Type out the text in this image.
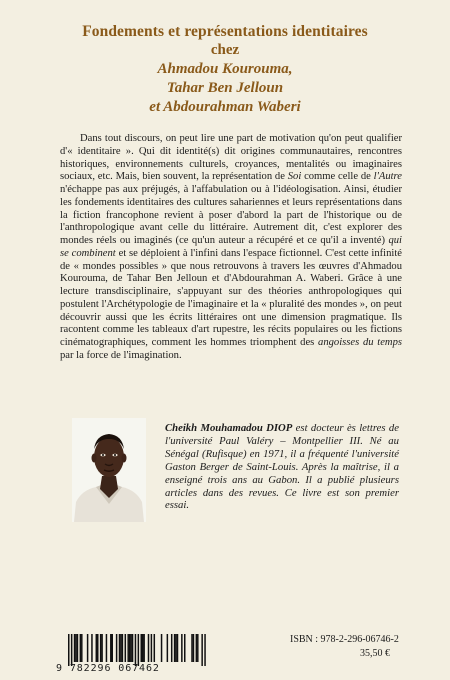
Fondements et représentations identitaires
chez
Ahmadou Kourouma,
Tahar Ben Jelloun
et Abdourahman Waberi

Dans tout discours, on peut lire une part de motivation qu'on peut qualifier d'« identitaire ». Qui dit identité(s) dit origines communautaires, rencontres historiques, environnements culturels, croyances, mentalités ou imaginaires sociaux, etc. Mais, bien souvent, la représentation de Soi comme celle de l'Autre n'échappe pas aux préjugés, à l'affabulation ou à l'idéologisation. Ainsi, étudier les fondements identitaires des cultures sahariennes et leurs représentations dans la fiction francophone revient à poser d'abord la part de l'historique ou de l'anthropologique avant celle du littéraire. Autrement dit, c'est explorer des mondes réels ou imaginés (ce qu'un auteur a récupéré et ce qu'il a inventé) qui se combinent et se déploient à l'infini dans l'espace fictionnel. C'est cette infinité de « mondes possibles » que nous retrouvons à travers les œuvres d'Ahmadou Kourouma, de Tahar Ben Jelloun et d'Abdourahman A. Waberi. Grâce à une lecture transdisciplinaire, s'appuyant sur des théories anthropologiques qui postulent l'Archétypologie de l'imaginaire et la « pluralité des mondes », on peut découvrir aussi que les écrits littéraires ont une dimension pragmatique. Ils racontent comme les tableaux d'art rupestre, les récits populaires ou les fictions cinématographiques, comment les hommes triomphent des angoisses du temps par la force de l'imagination.

Cheikh Mouhamadou DIOP est docteur ès lettres de l'université Paul Valéry – Montpellier III. Né au Sénégal (Rufisque) en 1971, il a fréquenté l'université Gaston Berger de Saint-Louis. Après la maîtrise, il a enseigné trois ans au Gabon. Il a publié plusieurs articles dans des revues. Ce livre est son premier essai.
9 782296 067462
ISBN : 978-2-296-06746-2
35,50 €
